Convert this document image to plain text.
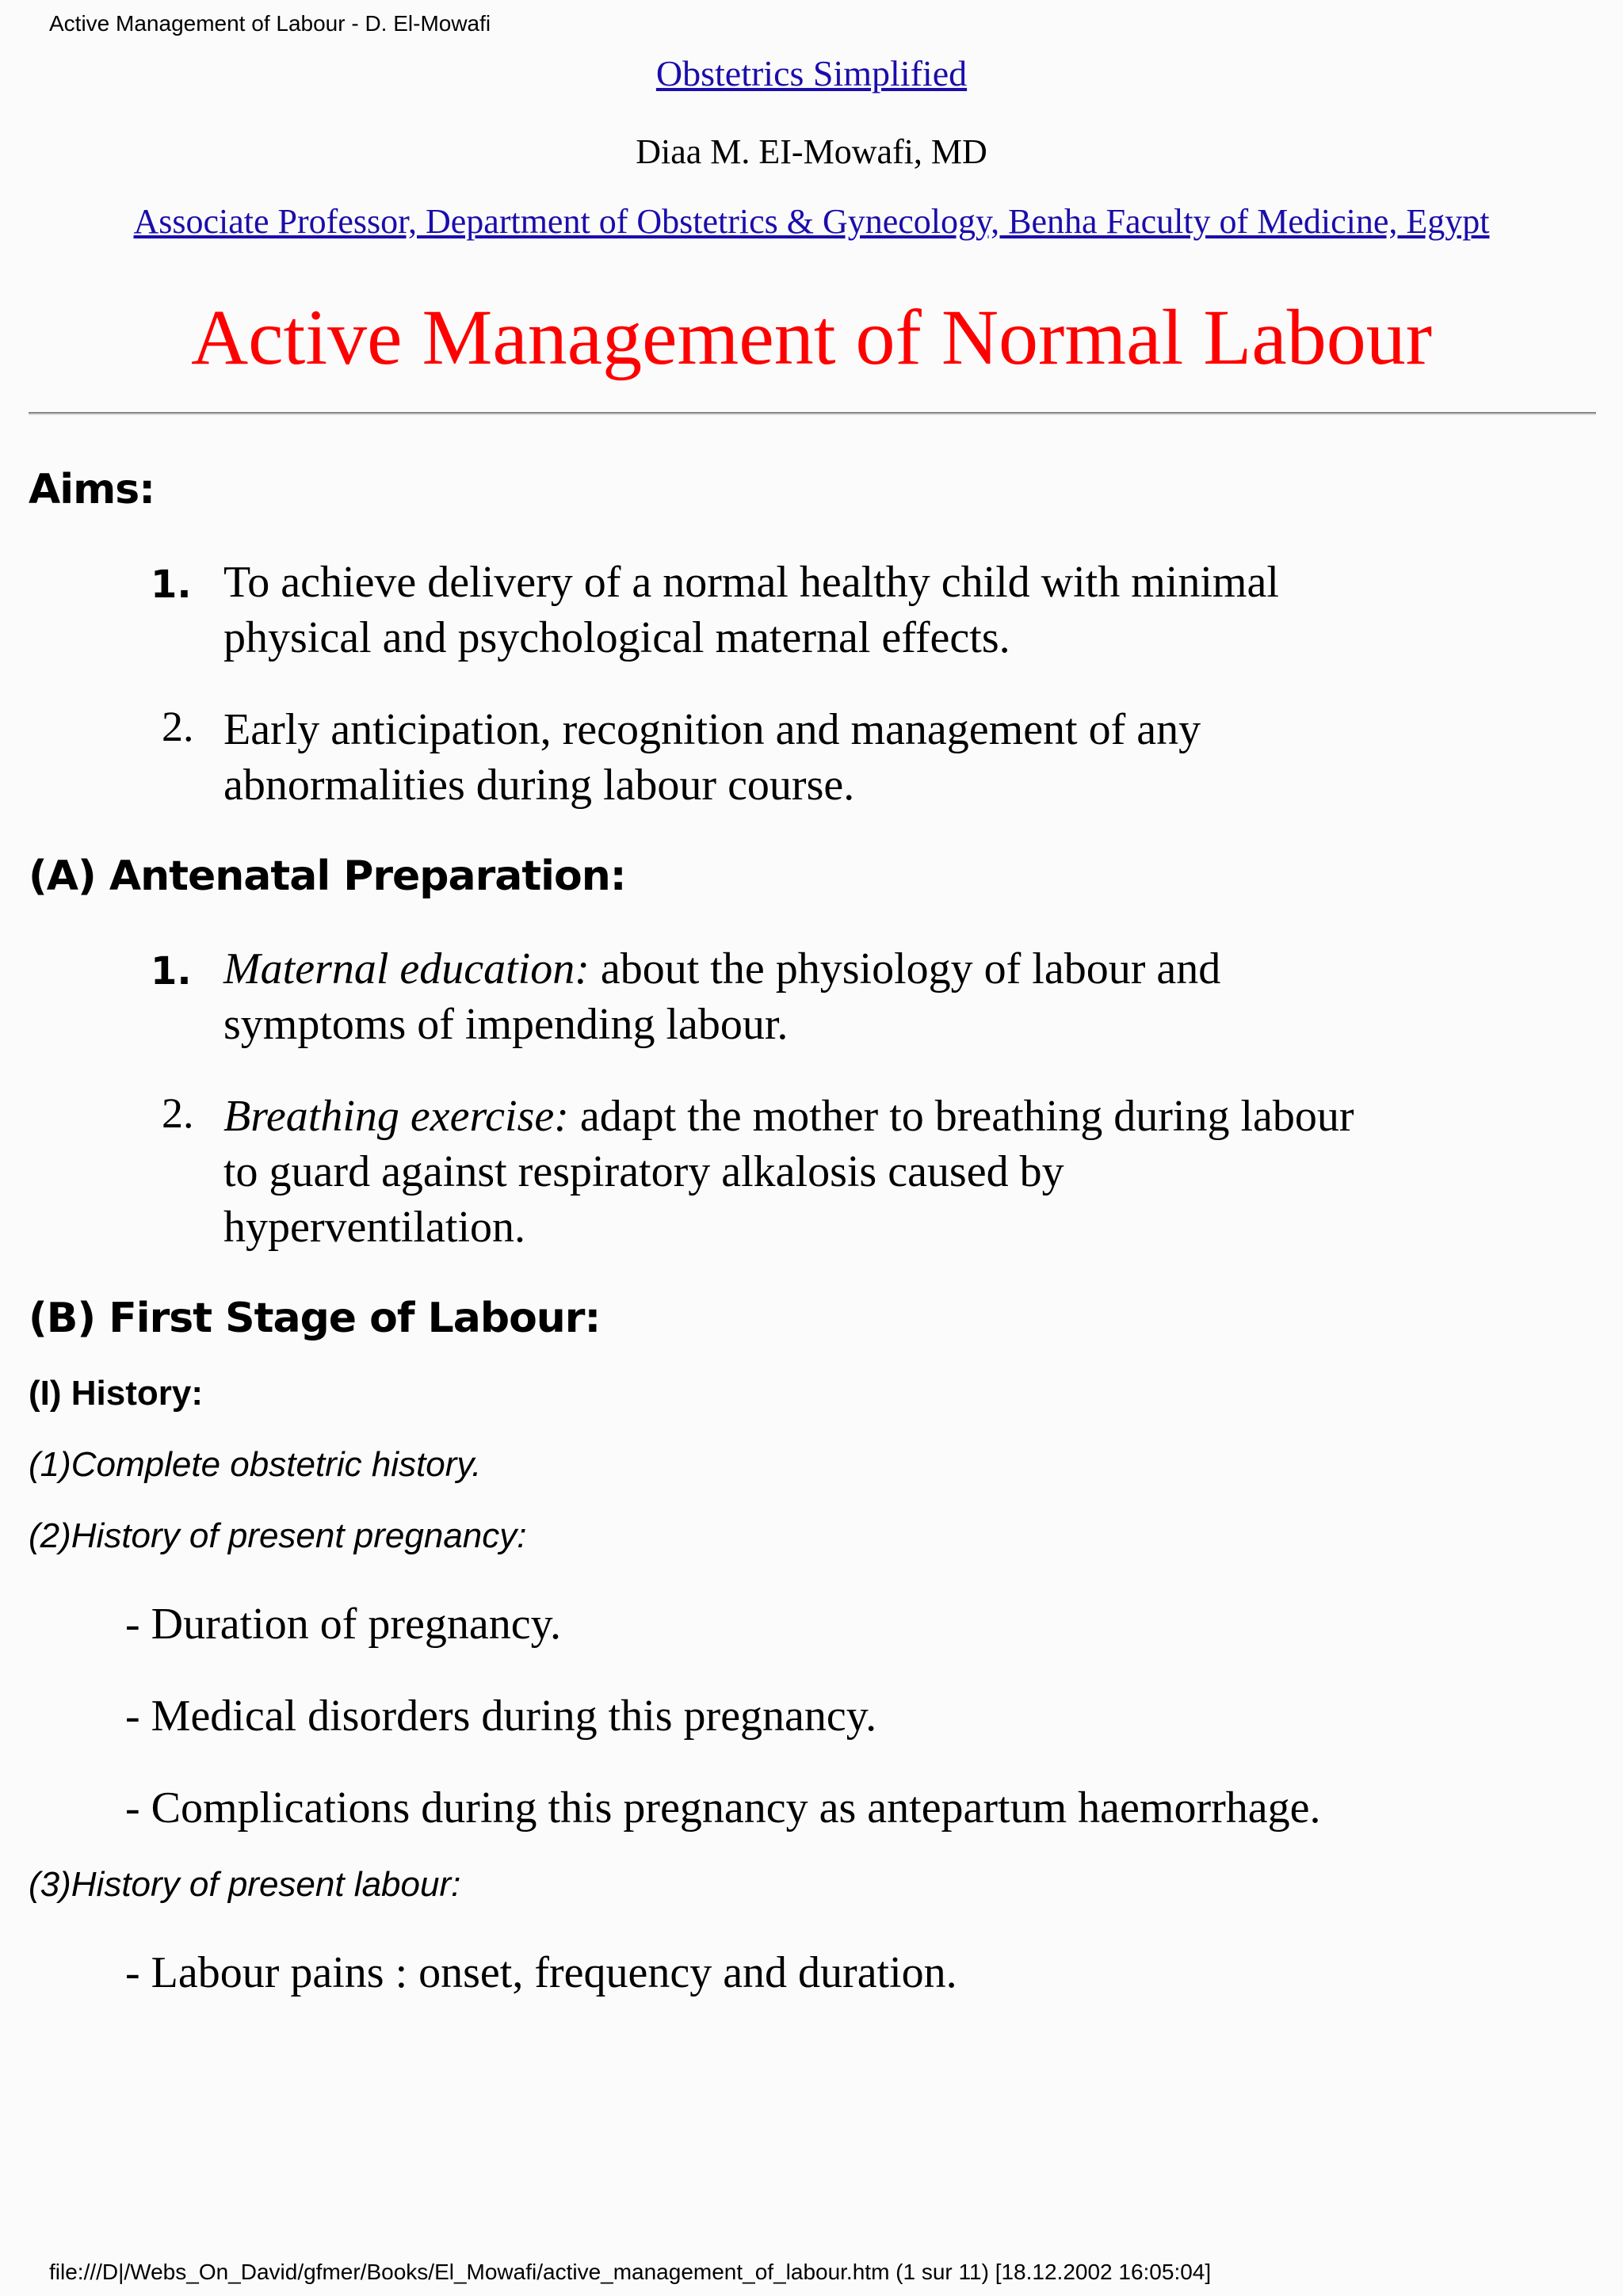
Active Management of Labour - D. El-Mowafi
Obstetrics Simplified
Diaa M. EI-Mowafi, MD
Associate Professor, Department of Obstetrics & Gynecology, Benha Faculty of Medicine, Egypt
Active Management of Normal Labour
Aims:
1. To achieve delivery of a normal healthy child with minimal
physical and psychological maternal effects.
2. Early anticipation, recognition and management of any
abnormalities during labour course.
(A) Antenatal Preparation:
1. Maternal education: about the physiology of labour and
symptoms of impending labour.
2. Breathing exercise: adapt the mother to breathing during labour
to guard against respiratory alkalosis caused by
hyperventilation.
(B) First Stage of Labour:
(I) History:
(1)Complete obstetric history.
(2)History of present pregnancy:
- Duration of pregnancy.
- Medical disorders during this pregnancy.
- Complications during this pregnancy as antepartum haemorrhage.
(3)History of present labour:
- Labour pains : onset, frequency and duration.
file:///D|/Webs_On_David/gfmer/Books/El_Mowafi/active_management_of_labour.htm (1 sur 11) [18.12.2002 16:05:04]
